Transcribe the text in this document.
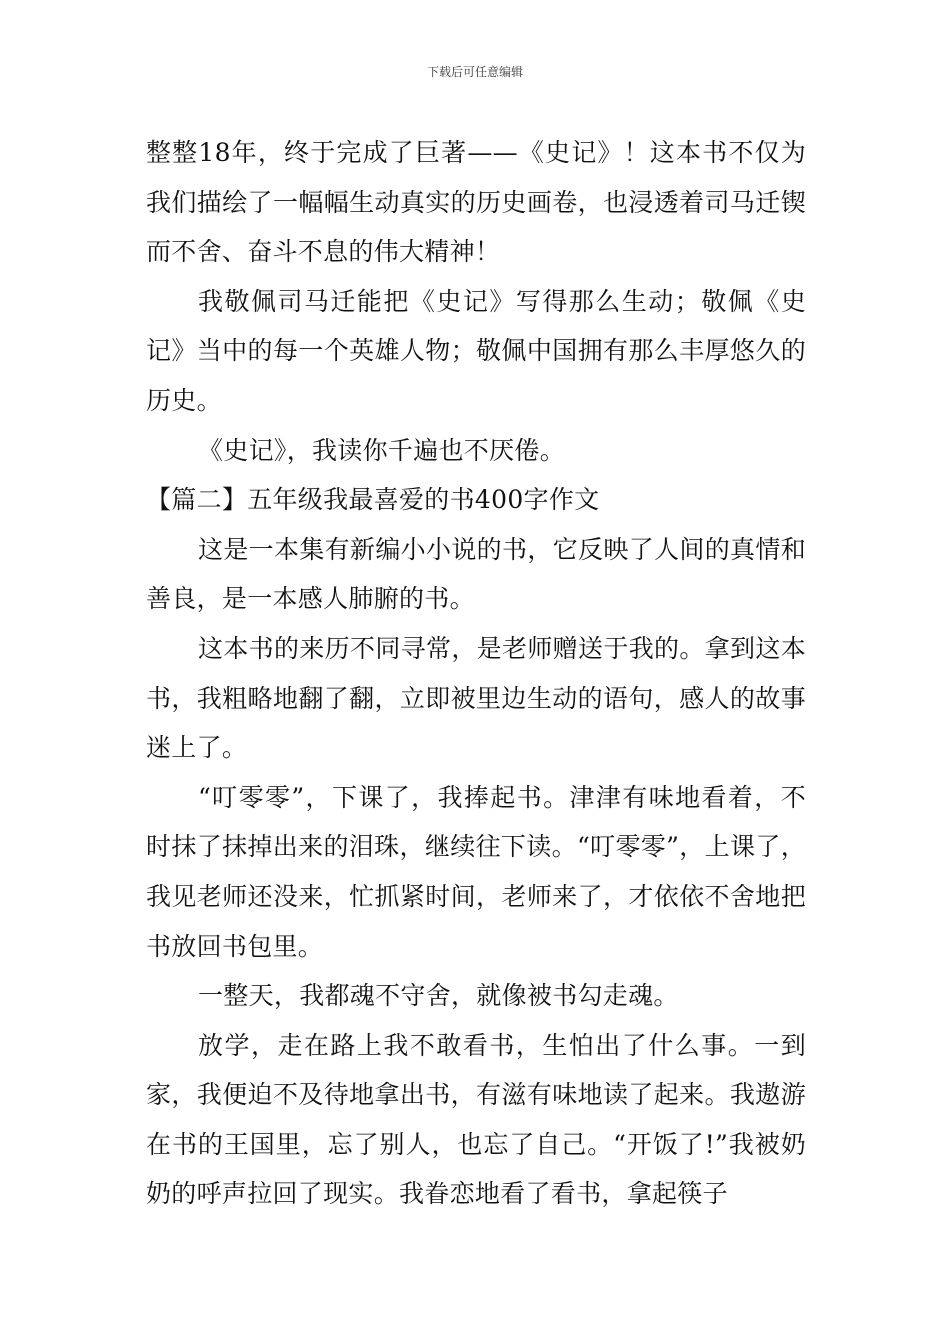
下载后可任意编辑

整整18年，终于完成了巨著——《史记》！这本书不仅为我们描绘了一幅幅生动真实的历史画卷，也浸透着司马迁锲而不舍、奋斗不息的伟大精神！

我敬佩司马迁能把《史记》写得那么生动；敬佩《史记》当中的每一个英雄人物；敬佩中国拥有那么丰厚悠久的历史。

《史记》，我读你千遍也不厌倦。

【篇二】五年级我最喜爱的书400字作文

这是一本集有新编小小说的书，它反映了人间的真情和善良，是一本感人肺腑的书。

这本书的来历不同寻常，是老师赠送于我的。拿到这本书，我粗略地翻了翻，立即被里边生动的语句，感人的故事迷上了。

“叮零零”，下课了，我捧起书。津津有味地看着，不时抹了抹掉出来的泪珠，继续往下读。“叮零零”，上课了，我见老师还没来，忙抓紧时间，老师来了，才依依不舍地把书放回书包里。

一整天，我都魂不守舍，就像被书勾走魂。

放学，走在路上我不敢看书，生怕出了什么事。一到家，我便迫不及待地拿出书，有滋有味地读了起来。我遨游在书的王国里，忘了别人，也忘了自己。“开饭了!”我被奶奶的呼声拉回了现实。我眷恋地看了看书，拿起筷子
